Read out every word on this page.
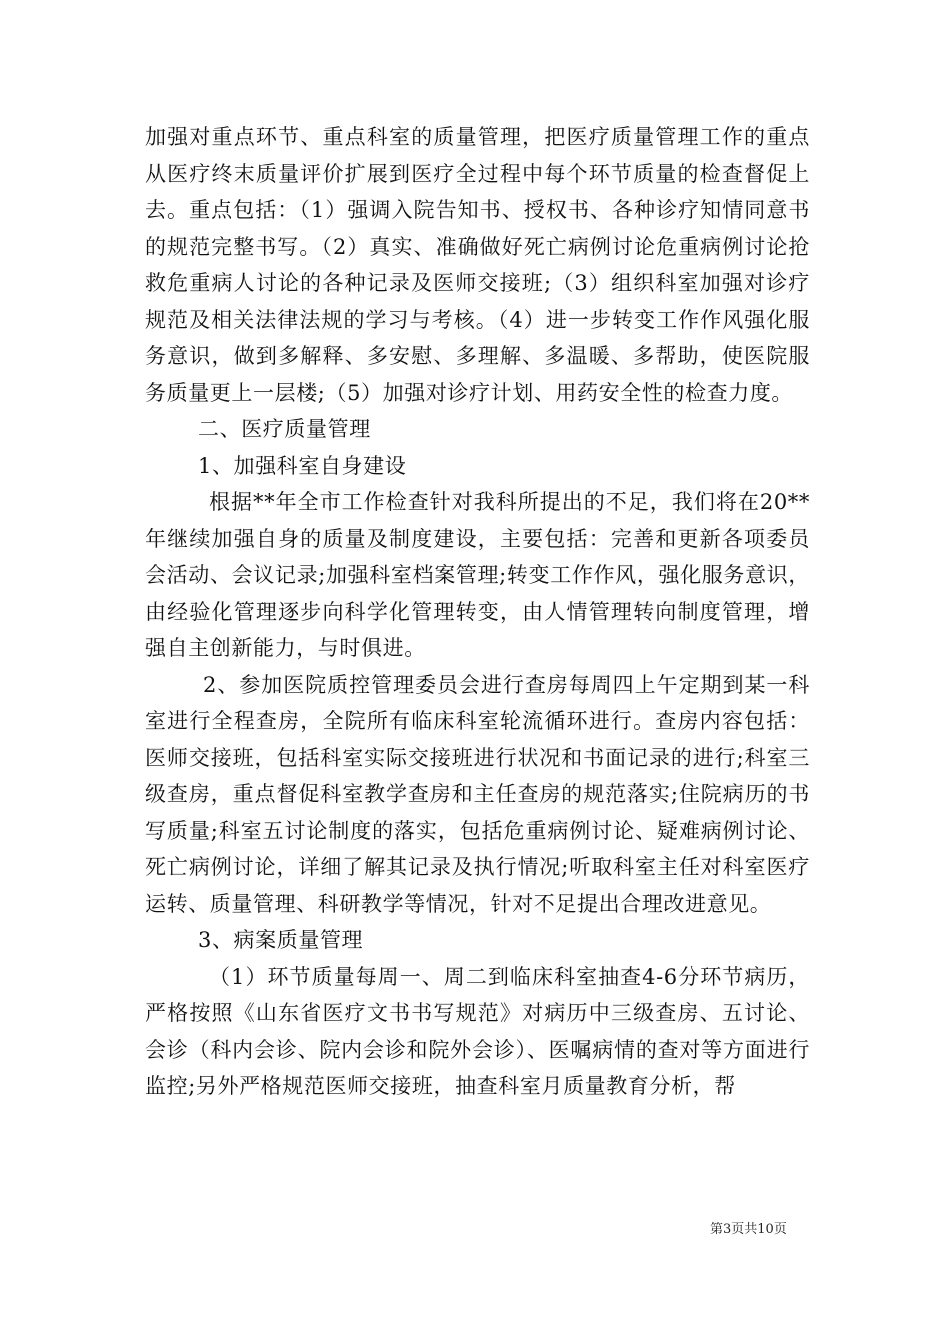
加强对重点环节、重点科室的质量管理，把医疗质量管理工作的重点从医疗终末质量评价扩展到医疗全过程中每个环节质量的检查督促上去。重点包括：（1）强调入院告知书、授权书、各种诊疗知情同意书的规范完整书写。（2）真实、准确做好死亡病例讨论危重病例讨论抢救危重病人讨论的各种记录及医师交接班;（3）组织科室加强对诊疗规范及相关法律法规的学习与考核。（4）进一步转变工作作风强化服务意识，做到多解释、多安慰、多理解、多温暖、多帮助，使医院服务质量更上一层楼;（5）加强对诊疗计划、用药安全性的检查力度。

二、医疗质量管理

1、加强科室自身建设

根据**年全市工作检查针对我科所提出的不足，我们将在20**年继续加强自身的质量及制度建设，主要包括：完善和更新各项委员会活动、会议记录;加强科室档案管理;转变工作作风，强化服务意识，由经验化管理逐步向科学化管理转变，由人情管理转向制度管理，增强自主创新能力，与时俱进。

2、参加医院质控管理委员会进行查房每周四上午定期到某一科室进行全程查房，全院所有临床科室轮流循环进行。查房内容包括：医师交接班，包括科室实际交接班进行状况和书面记录的进行;科室三级查房，重点督促科室教学查房和主任查房的规范落实;住院病历的书写质量;科室五讨论制度的落实，包括危重病例讨论、疑难病例讨论、死亡病例讨论，详细了解其记录及执行情况;听取科室主任对科室医疗运转、质量管理、科研教学等情况，针对不足提出合理改进意见。

3、病案质量管理

（1）环节质量每周一、周二到临床科室抽查4-6分环节病历，严格按照《山东省医疗文书书写规范》对病历中三级查房、五讨论、会诊（科内会诊、院内会诊和院外会诊）、医嘱病情的查对等方面进行监控;另外严格规范医师交接班，抽查科室月质量教育分析，帮

第3页共10页
